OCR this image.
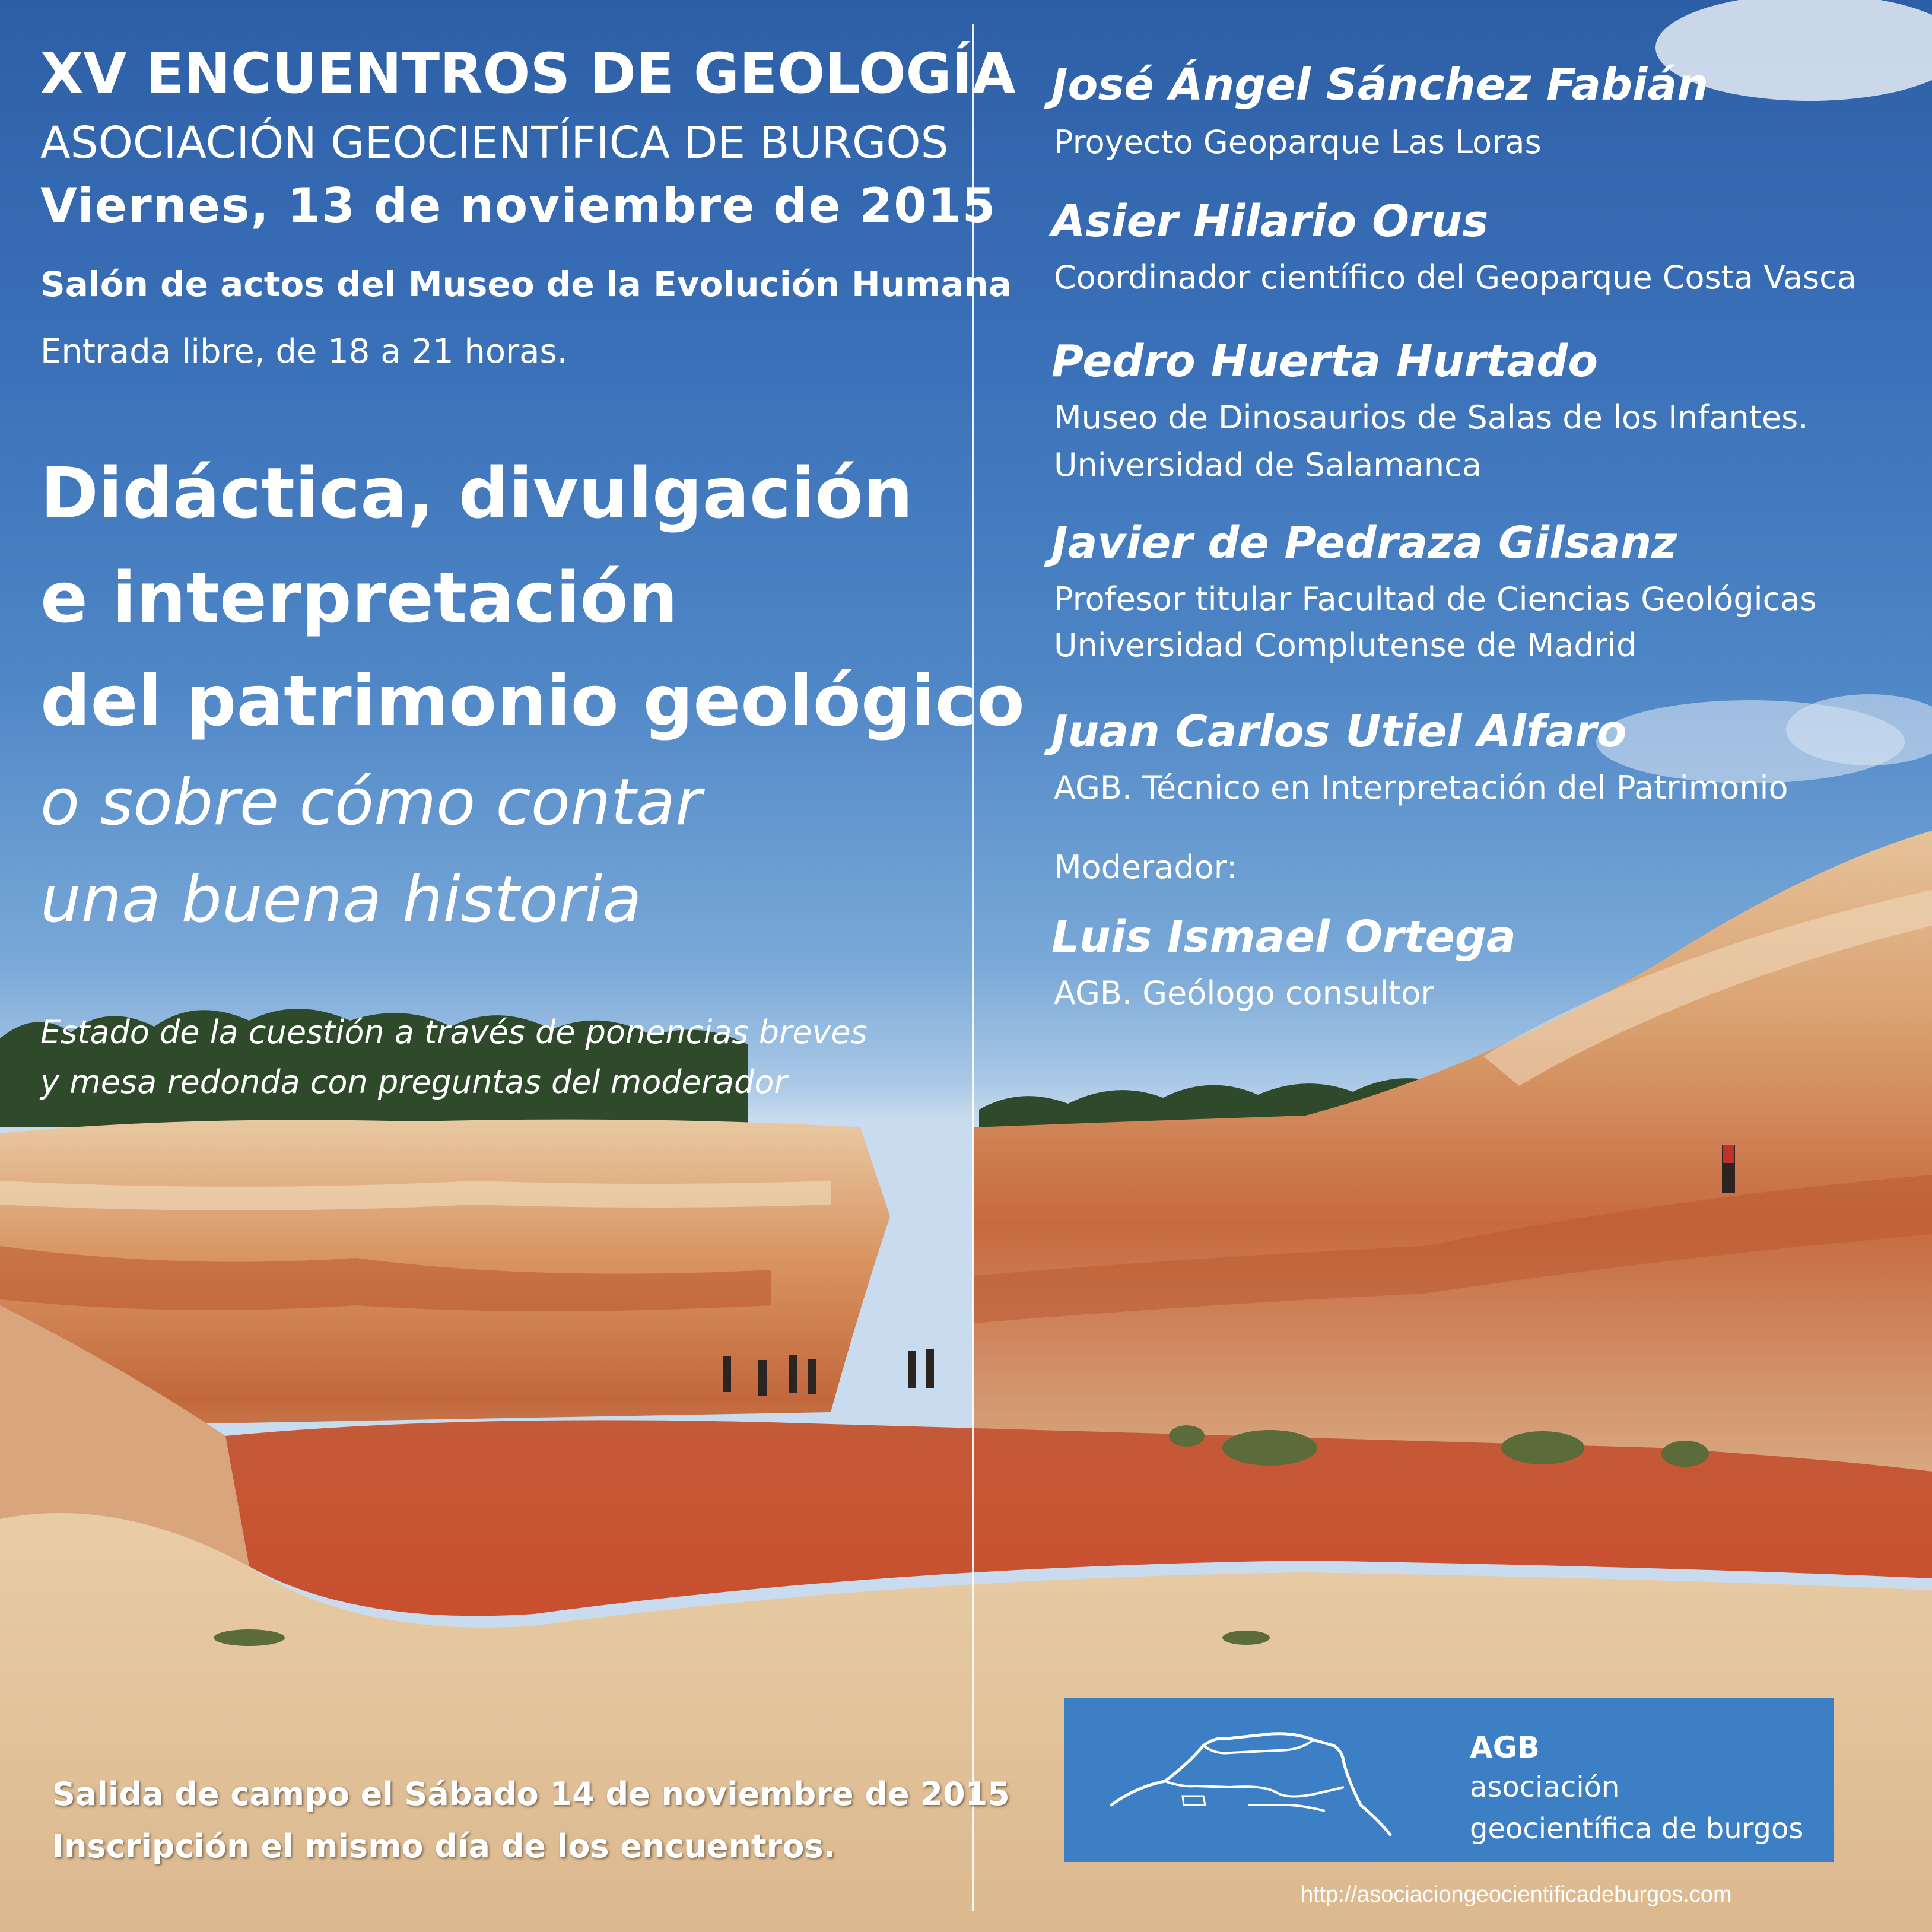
XV ENCUENTROS DE GEOLOGÍA
ASOCIACIÓN GEOCIENTÍFICA DE BURGOS
Viernes, 13 de noviembre de 2015
Salón de actos del Museo de la Evolución Humana
Entrada libre, de 18 a 21 horas.
Didáctica, divulgación
e interpretación
del patrimonio geológico
o sobre cómo contar
una buena historia
Estado de la cuestión a través de ponencias breves
y mesa redonda con preguntas del moderador
Salida de campo el Sábado 14 de noviembre de 2015
Inscripción el mismo día de los encuentros.
José Ángel Sánchez Fabián
Proyecto Geoparque Las Loras
Asier Hilario Orus
Coordinador científico del Geoparque Costa Vasca
Pedro Huerta Hurtado
Museo de Dinosaurios de Salas de los Infantes.
Universidad de Salamanca
Javier de Pedraza Gilsanz
Profesor titular Facultad de Ciencias Geológicas
Universidad Complutense de Madrid
Juan Carlos Utiel Alfaro
AGB. Técnico en Interpretación del Patrimonio
Moderador:
Luis Ismael Ortega
AGB. Geólogo consultor
AGB
asociación
geocientífica de burgos
http://asociaciongeocientificadeburgos.com
